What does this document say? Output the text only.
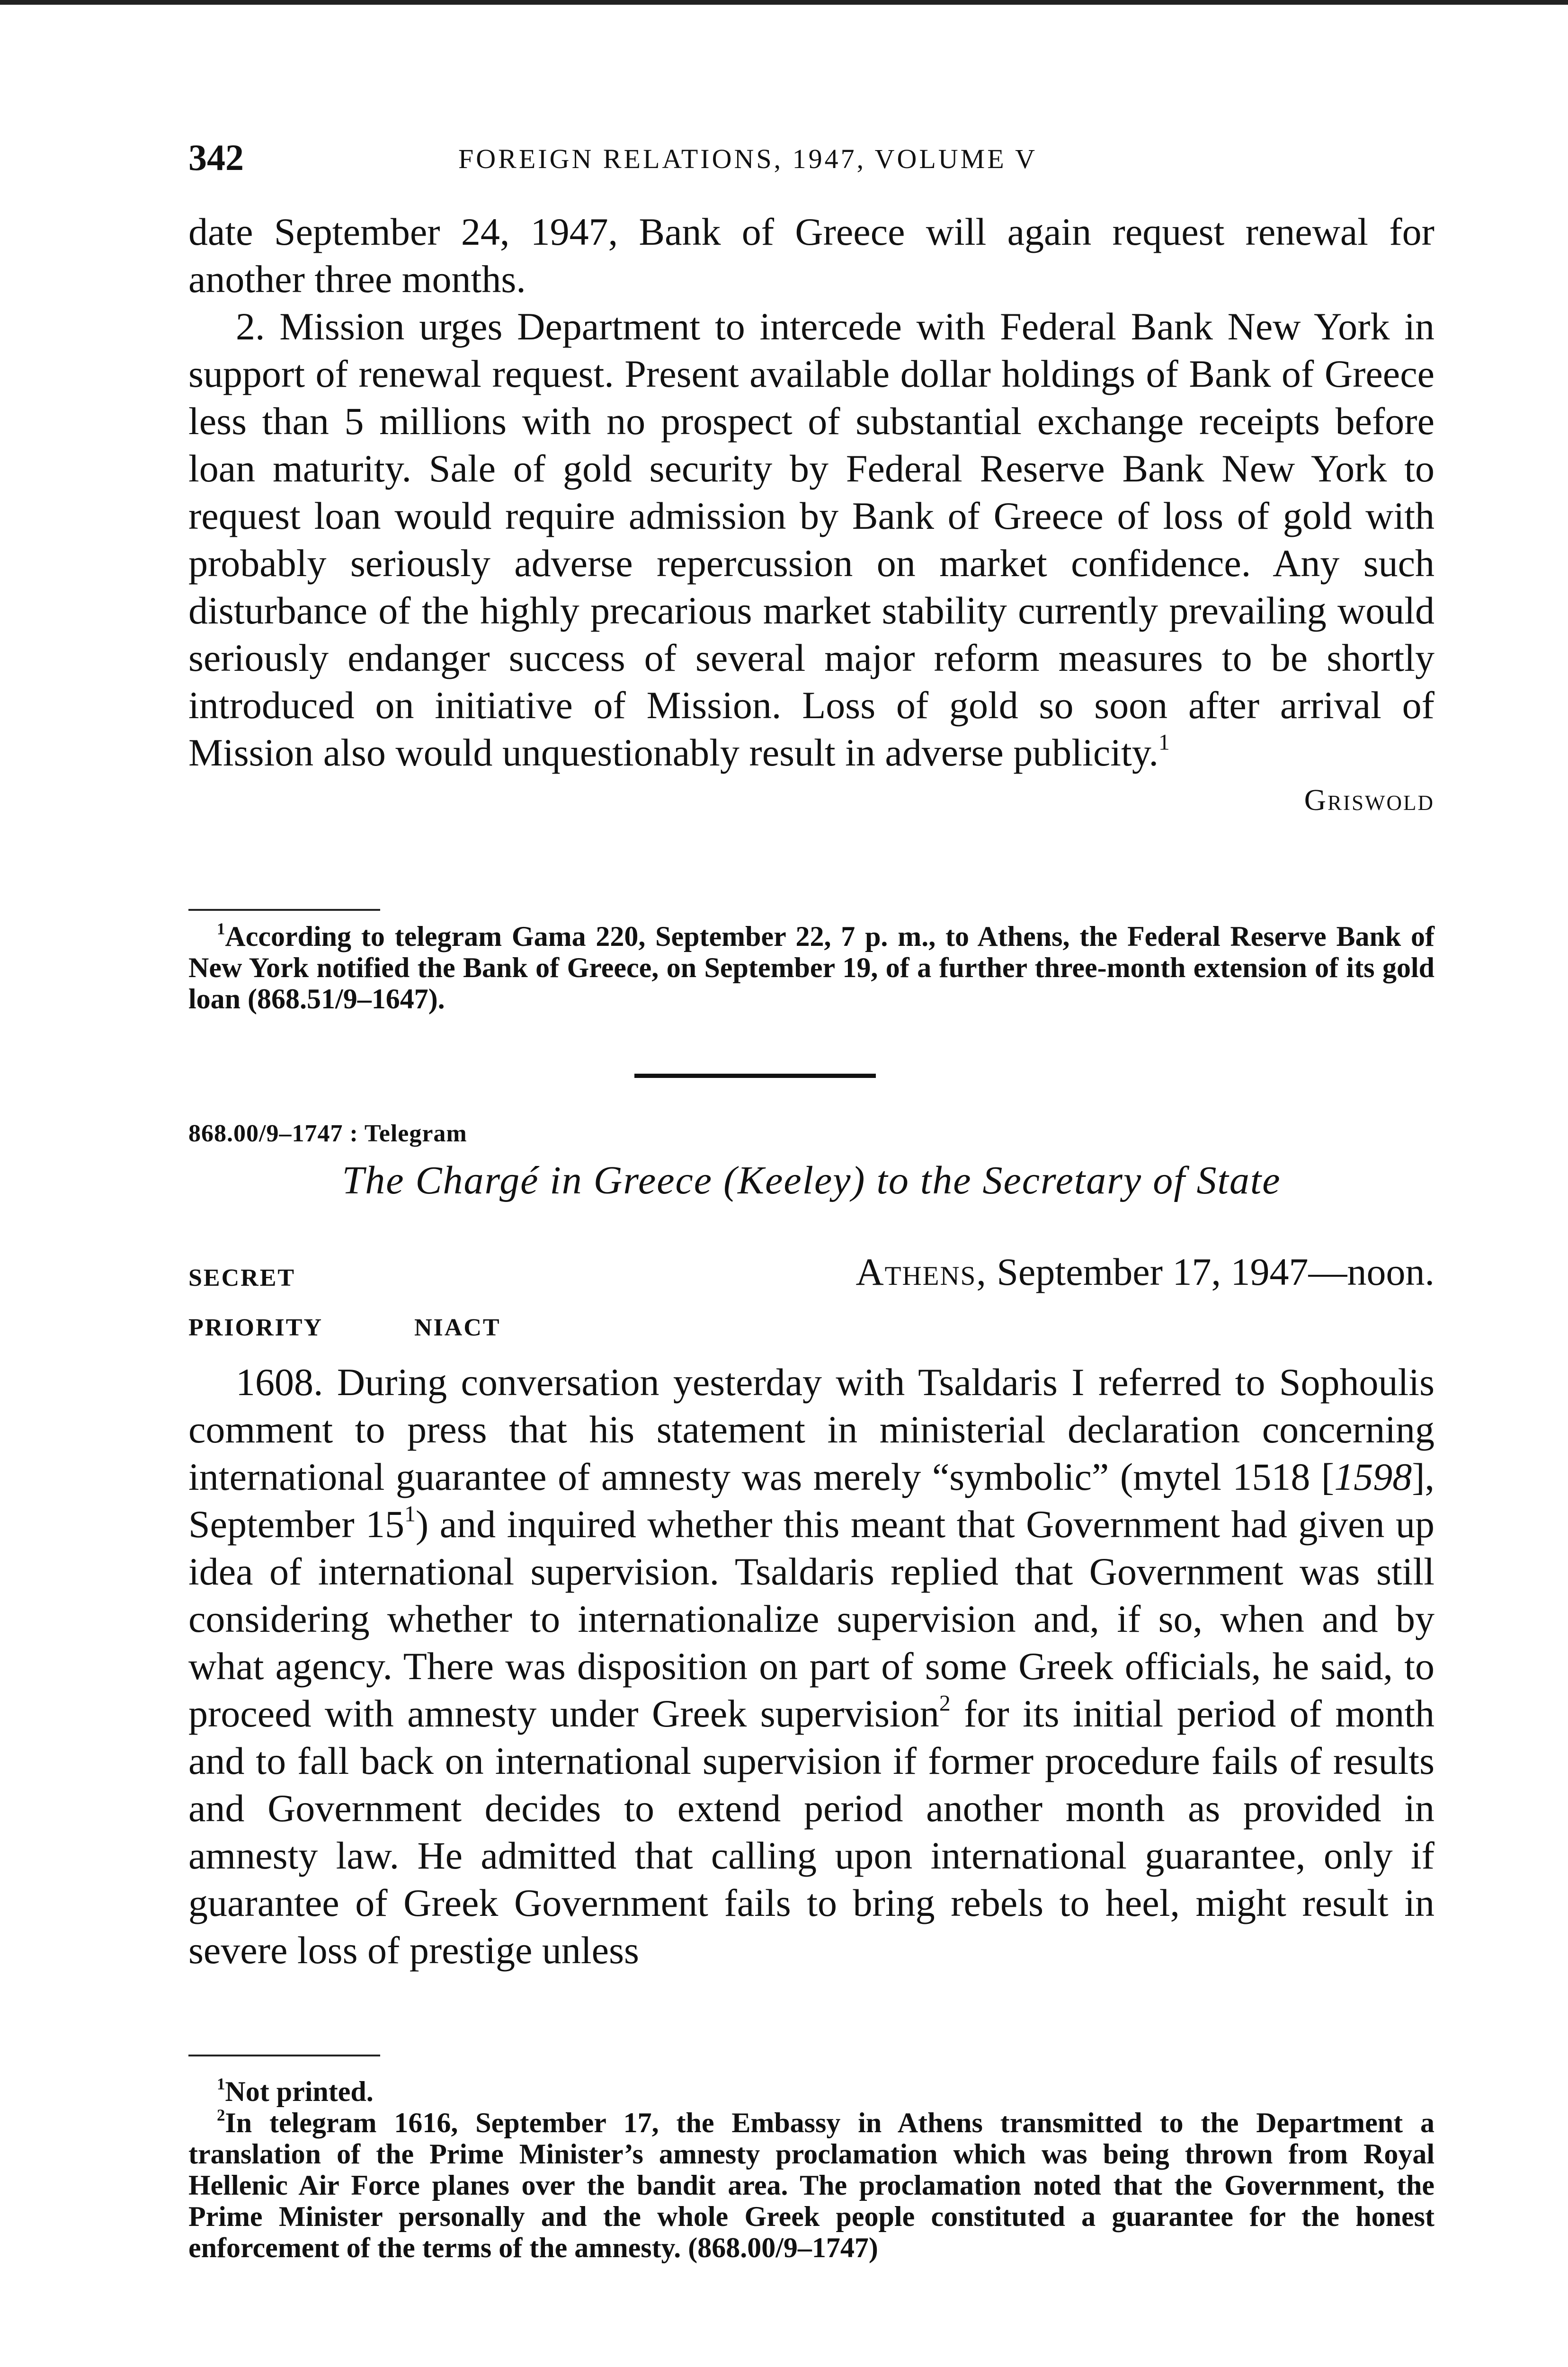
342	FOREIGN RELATIONS, 1947, VOLUME V

date September 24, 1947, Bank of Greece will again request renewal for another three months.

2. Mission urges Department to intercede with Federal Bank New York in support of renewal request. Present available dollar holdings of Bank of Greece less than 5 millions with no prospect of substantial exchange receipts before loan maturity. Sale of gold security by Federal Reserve Bank New York to request loan would require admission by Bank of Greece of loss of gold with probably seriously adverse repercussion on market confidence. Any such disturbance of the highly precarious market stability currently prevailing would seriously endanger success of several major reform measures to be shortly introduced on initiative of Mission. Loss of gold so soon after arrival of Mission also would unquestionably result in adverse publicity.$^1$

Griswold

$^1$According to telegram Gama 220, September 22, 7 p. m., to Athens, the Federal Reserve Bank of New York notified the Bank of Greece, on September 19, of a further three-month extension of its gold loan (868.51/9–1647).

868.00/9–1747 : Telegram
The Chargé in Greece (Keeley) to the Secretary of State
SECRET	Athens, September 17, 1947—noon.
PRIORITY	NIACT

1608. During conversation yesterday with Tsaldaris I referred to Sophoulis comment to press that his statement in ministerial declaration concerning international guarantee of amnesty was merely “symbolic” (mytel 1518 [1598], September $15^1$) and inquired whether this meant that Government had given up idea of international supervision. Tsaldaris replied that Government was still considering whether to internationalize supervision and, if so, when and by what agency. There was disposition on part of some Greek officials, he said, to proceed with amnesty under Greek supervision$^2$ for its initial period of month and to fall back on international supervision if former procedure fails of results and Government decides to extend period another month as provided in amnesty law. He admitted that calling upon international guarantee, only if guarantee of Greek Government fails to bring rebels to heel, might result in severe loss of prestige unless

$^1$Not printed.

$^2$In telegram 1616, September 17, the Embassy in Athens transmitted to the Department a translation of the Prime Minister’s amnesty proclamation which was being thrown from Royal Hellenic Air Force planes over the bandit area. The proclamation noted that the Government, the Prime Minister personally and the whole Greek people constituted a guarantee for the honest enforcement of the terms of the amnesty. (868.00/9–1747)
